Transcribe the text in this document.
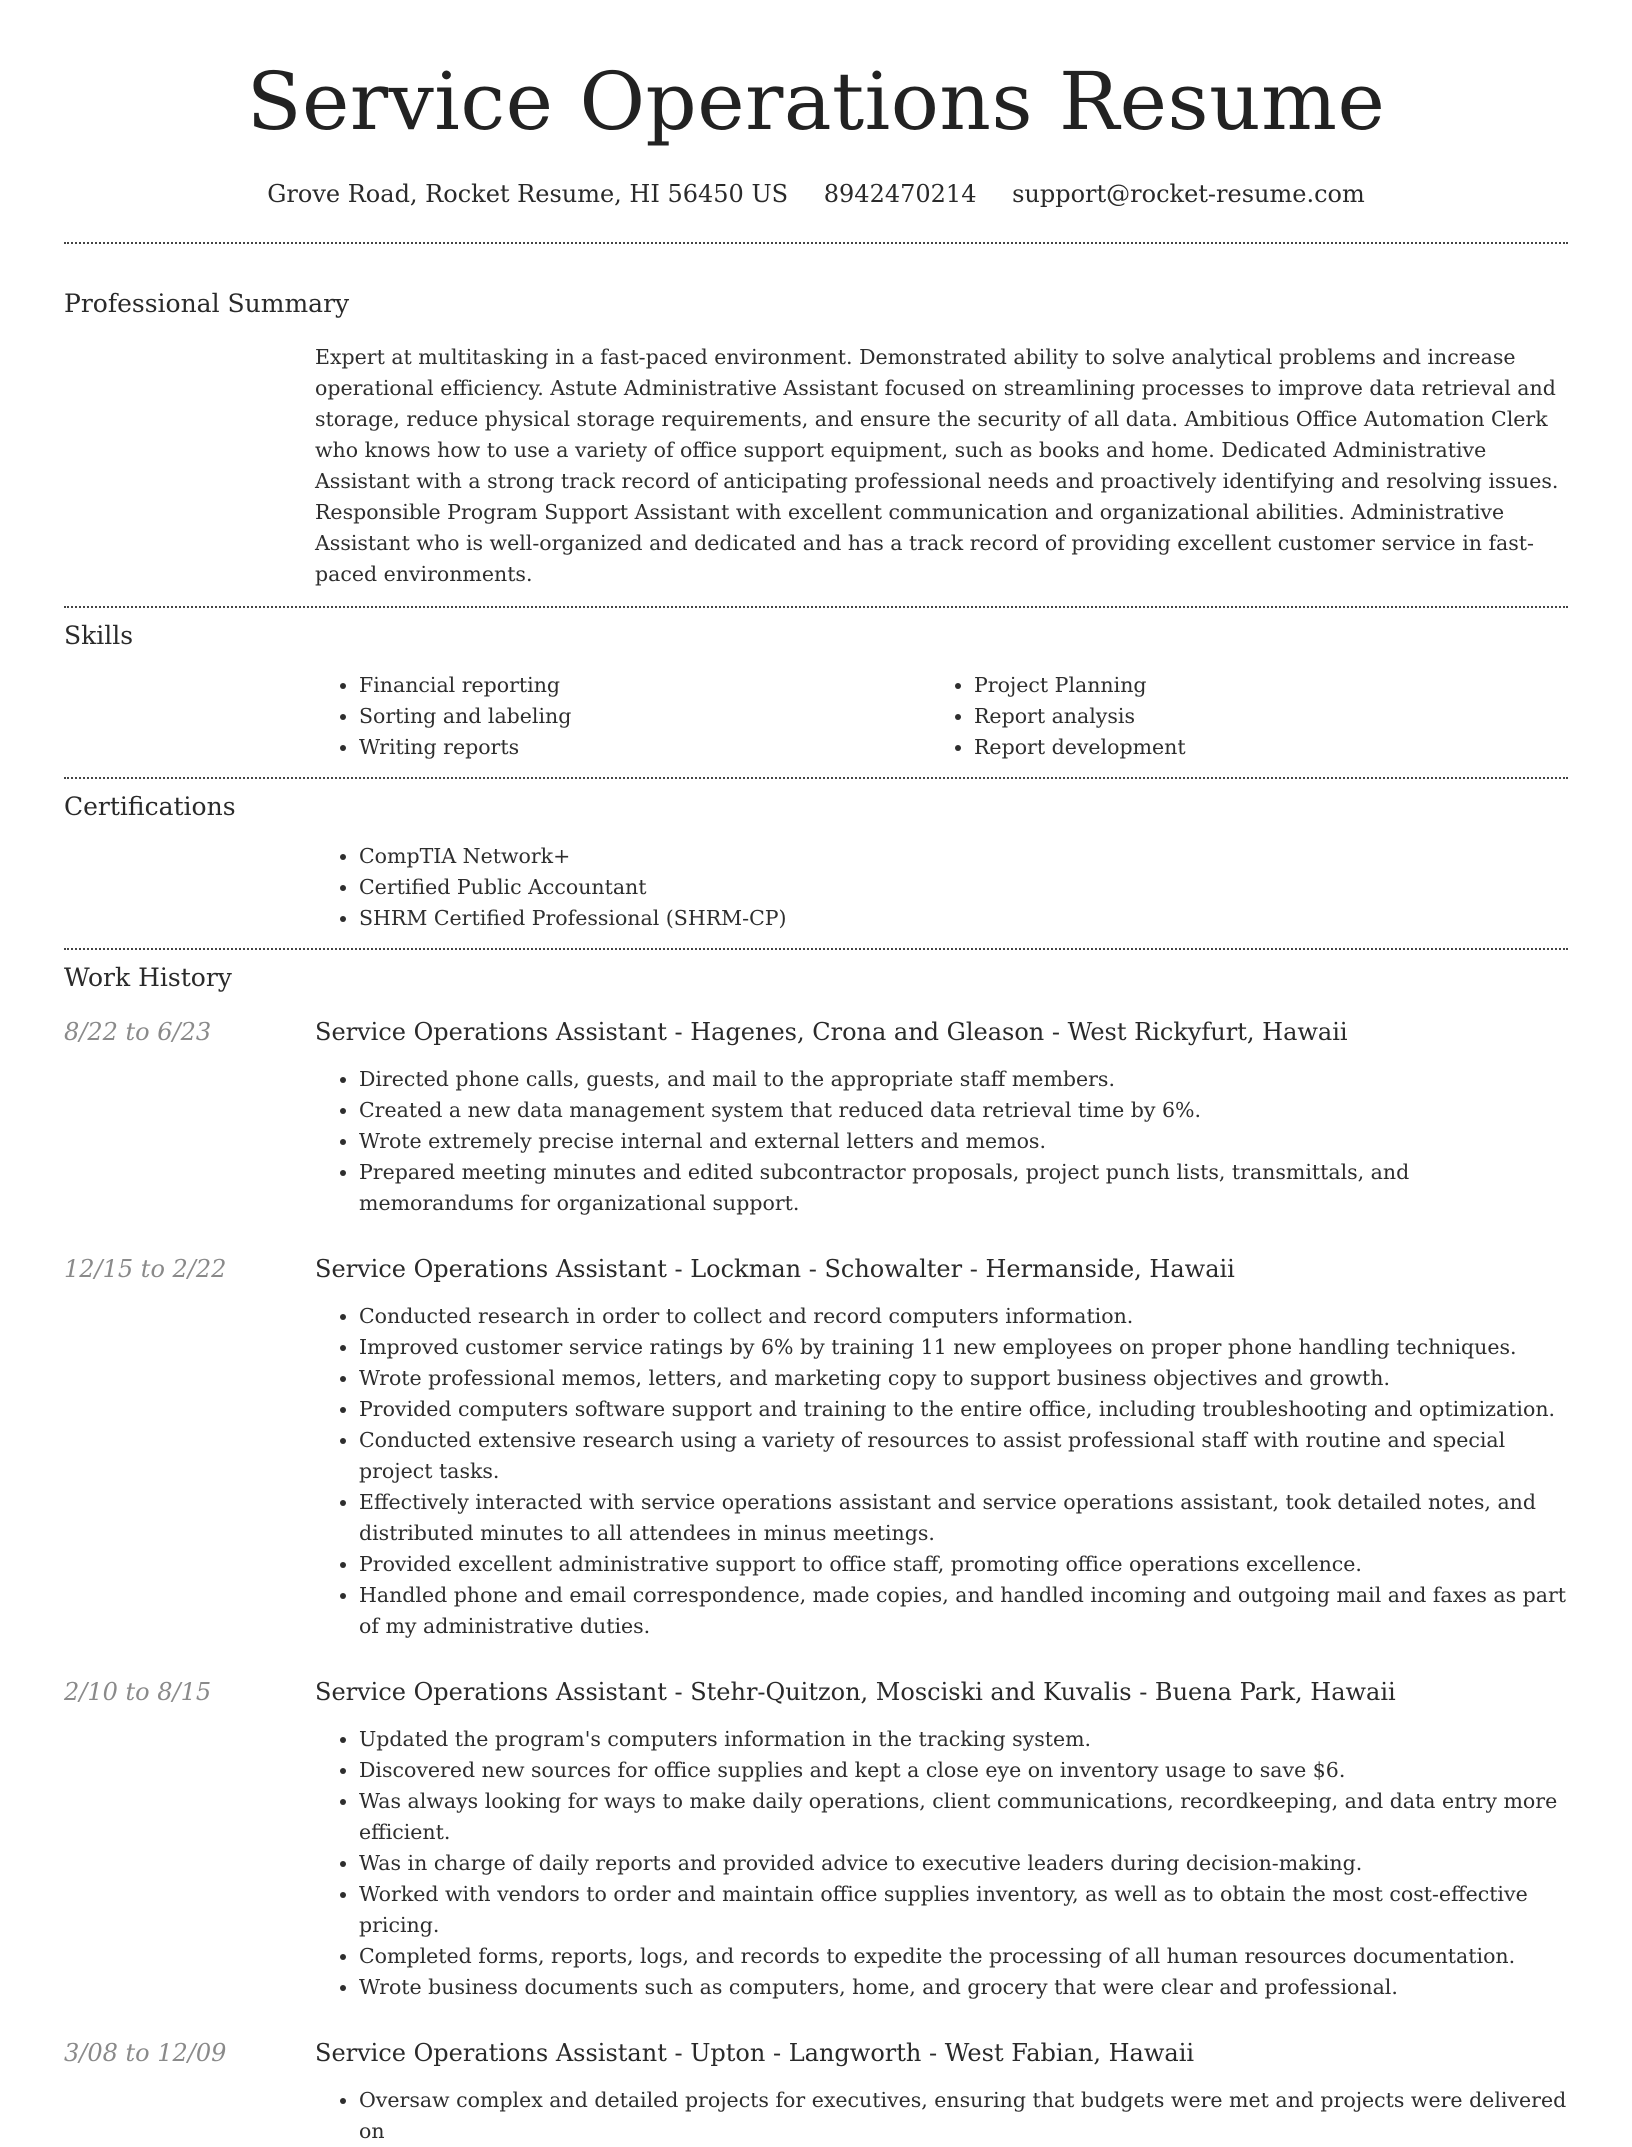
Service Operations Resume
Grove Road, Rocket Resume, HI 56450 US 8942470214 support@rocket-resume.com
Professional Summary

Expert at multitasking in a fast-paced environment. Demonstrated ability to solve analytical problems and increase operational efficiency. Astute Administrative Assistant focused on streamlining processes to improve data retrieval and storage, reduce physical storage requirements, and ensure the security of all data. Ambitious Office Automation Clerk who knows how to use a variety of office support equipment, such as books and home. Dedicated Administrative Assistant with a strong track record of anticipating professional needs and proactively identifying and resolving issues. Responsible Program Support Assistant with excellent communication and organizational abilities. Administrative Assistant who is well-organized and dedicated and has a track record of providing excellent customer service in fast-paced environments.

Skills
• Financial reporting
• Sorting and labeling
• Writing reports
• Project Planning
• Report analysis
• Report development
Certifications
• CompTIA Network+
• Certified Public Accountant
• SHRM Certified Professional (SHRM-CP)
Work History
8/22 to 6/23	Service Operations Assistant - Hagenes, Crona and Gleason - West Rickyfurt, Hawaii
• Directed phone calls, guests, and mail to the appropriate staff members.
• Created a new data management system that reduced data retrieval time by 6%.
• Wrote extremely precise internal and external letters and memos.
• Prepared meeting minutes and edited subcontractor proposals, project punch lists, transmittals, and memorandums for organizational support.
12/15 to 2/22	Service Operations Assistant - Lockman - Schowalter - Hermanside, Hawaii
• Conducted research in order to collect and record computers information.
• Improved customer service ratings by 6% by training 11 new employees on proper phone handling techniques.
• Wrote professional memos, letters, and marketing copy to support business objectives and growth.
• Provided computers software support and training to the entire office, including troubleshooting and optimization.
• Conducted extensive research using a variety of resources to assist professional staff with routine and special project tasks.
• Effectively interacted with service operations assistant and service operations assistant, took detailed notes, and distributed minutes to all attendees in minus meetings.
• Provided excellent administrative support to office staff, promoting office operations excellence.
• Handled phone and email correspondence, made copies, and handled incoming and outgoing mail and faxes as part of my administrative duties.
2/10 to 8/15	Service Operations Assistant - Stehr-Quitzon, Mosciski and Kuvalis - Buena Park, Hawaii
• Updated the program's computers information in the tracking system.
• Discovered new sources for office supplies and kept a close eye on inventory usage to save $6.
• Was always looking for ways to make daily operations, client communications, recordkeeping, and data entry more efficient.
• Was in charge of daily reports and provided advice to executive leaders during decision-making.
• Worked with vendors to order and maintain office supplies inventory, as well as to obtain the most cost-effective pricing.
• Completed forms, reports, logs, and records to expedite the processing of all human resources documentation.
• Wrote business documents such as computers, home, and grocery that were clear and professional.
3/08 to 12/09	Service Operations Assistant - Upton - Langworth - West Fabian, Hawaii
• Oversaw complex and detailed projects for executives, ensuring that budgets were met and projects were delivered on
